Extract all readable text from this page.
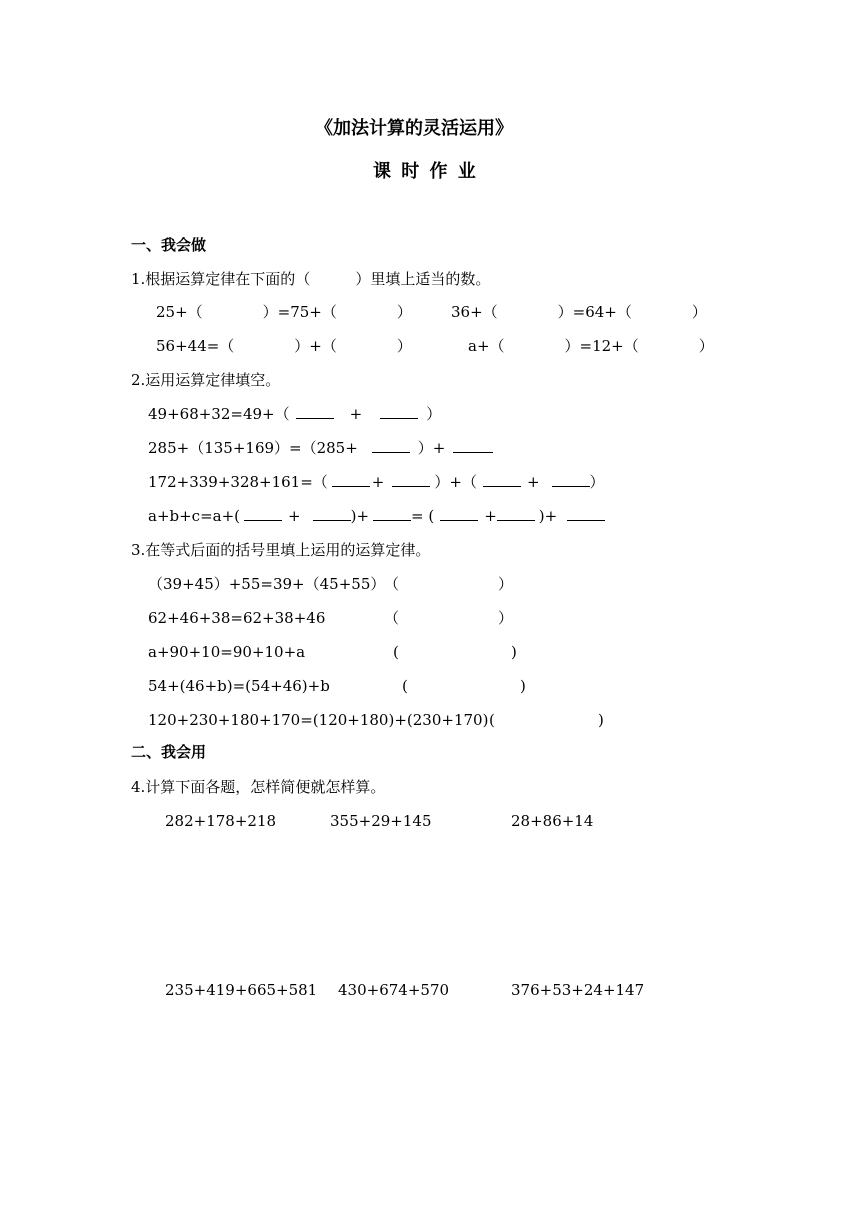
《加法计算的灵活运用》
课 时 作 业
一、我会做
1.根据运算定律在下面的（　　　）里填上适当的数。
25+（　　　　）=75+（　　　　）	36+（　　　　）=64+（　　　　）
56+44=（　　　　）+（　　　　）	a+（　　　　）=12+（　　　　）
2.运用运算定律填空。
49+68+32=49+（	+	）
285+（135+169）=（285+	）+
172+339+328+161=（	+	）+（	+	）
a+b+c=a+(	+	)+	= (	+	)+
3.在等式后面的括号里填上运用的运算定律。
（39+45）+55=39+（45+55）
（	）
62+46+38=62+38+46	（	）
a+90+10=90+10+a	(	)
54+(46+b)=(54+46)+b	(	)
120+230+180+170=(120+180)+(230+170) (	)
二、我会用
4.计算下面各题，怎样简便就怎样算。
282+178+218	355+29+145	28+86+14
235+419+665+581 430+674+570	376+53+24+147
